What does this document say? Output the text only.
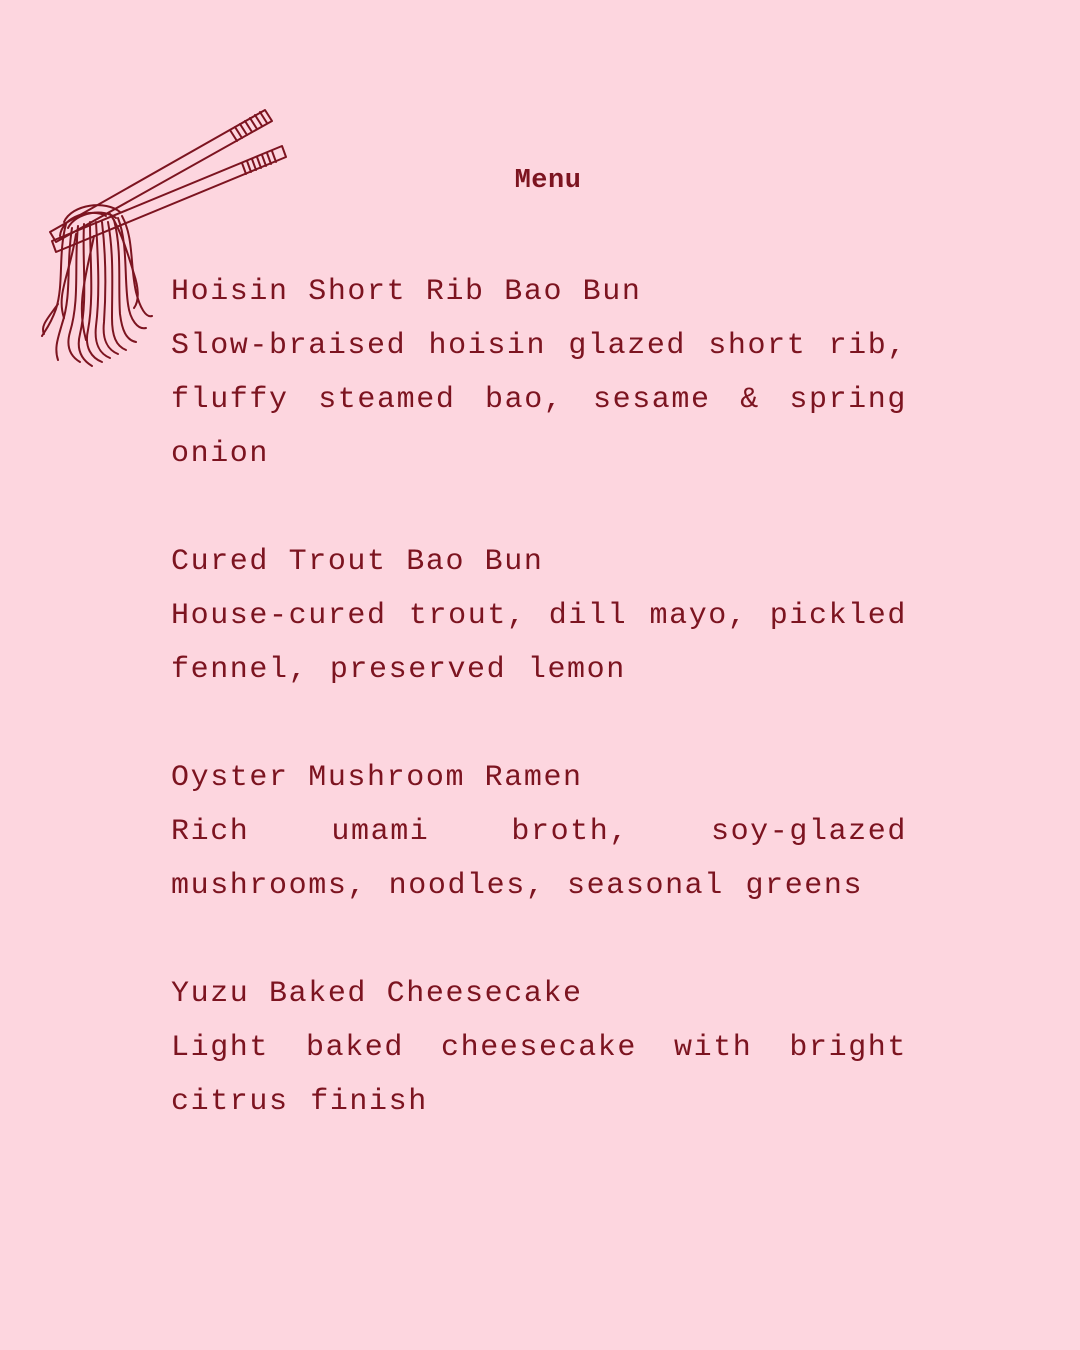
Menu

Hoisin Short Rib Bao Bun

Slow-braised hoisin glazed short rib, fluffy steamed bao, sesame & spring onion

Cured Trout Bao Bun

House-cured trout, dill mayo, pickled fennel, preserved lemon

Oyster Mushroom Ramen

Rich umami broth, soy-glazed mushrooms, noodles, seasonal greens

Yuzu Baked Cheesecake

Light baked cheesecake with bright citrus finish
